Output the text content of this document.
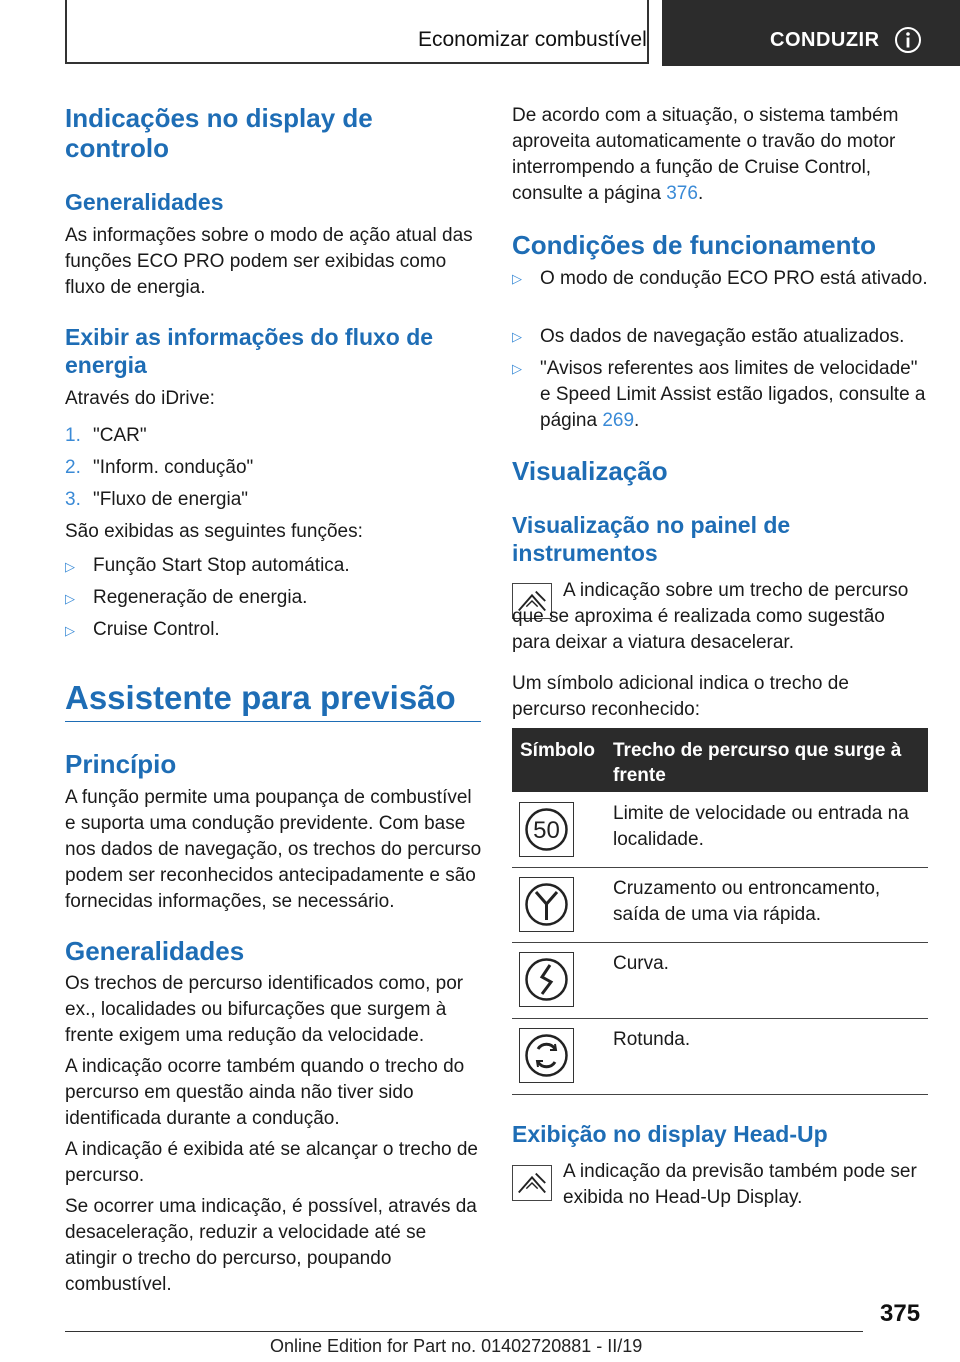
Economizar combustível	CONDUZIR
Indicações no display de controlo
Generalidades
As informações sobre o modo de ação atual das funções ECO PRO podem ser exibidas como fluxo de energia.
Exibir as informações do fluxo de energia
Através do iDrive:
1. "CAR"
2. "Inform. condução"
3. "Fluxo de energia"
São exibidas as seguintes funções:
▷ Função Start Stop automática.
▷ Regeneração de energia.
▷ Cruise Control.
Assistente para previsão
Princípio
A função permite uma poupança de combustível e suporta uma condução previdente. Com base nos dados de navegação, os trechos do percurso podem ser reconhecidos antecipadamente e são fornecidas informações, se necessário.
Generalidades
Os trechos de percurso identificados como, por ex., localidades ou bifurcações que surgem à frente exigem uma redução da velocidade.
A indicação ocorre também quando o trecho do percurso em questão ainda não tiver sido identificada durante a condução.
A indicação é exibida até se alcançar o trecho de percurso.
Se ocorrer uma indicação, é possível, através da desaceleração, reduzir a velocidade até se atingir o trecho do percurso, poupando combustível.
De acordo com a situação, o sistema também aproveita automaticamente o travão do motor interrompendo a função de Cruise Control, consulte a página 376.
Condições de funcionamento
▷ O modo de condução ECO PRO está ativado.
▷ Os dados de navegação estão atualizados.
▷ "Avisos referentes aos limites de velocidade" e Speed Limit Assist estão ligados, consulte a página 269.
Visualização
Visualização no painel de instrumentos
A indicação sobre um trecho de percurso que se aproxima é realizada como sugestão para deixar a viatura desacelerar.
Um símbolo adicional indica o trecho de percurso reconhecido:
Símbolo Trecho de percurso que surge à frente
50
Limite de velocidade ou entrada na localidade.
Cruzamento ou entroncamento, saída de uma via rápida.
Curva.
Rotunda.
Exibição no display Head-Up
A indicação da previsão também pode ser exibida no Head-Up Display.
375
Online Edition for Part no. 01402720881 - II/19
